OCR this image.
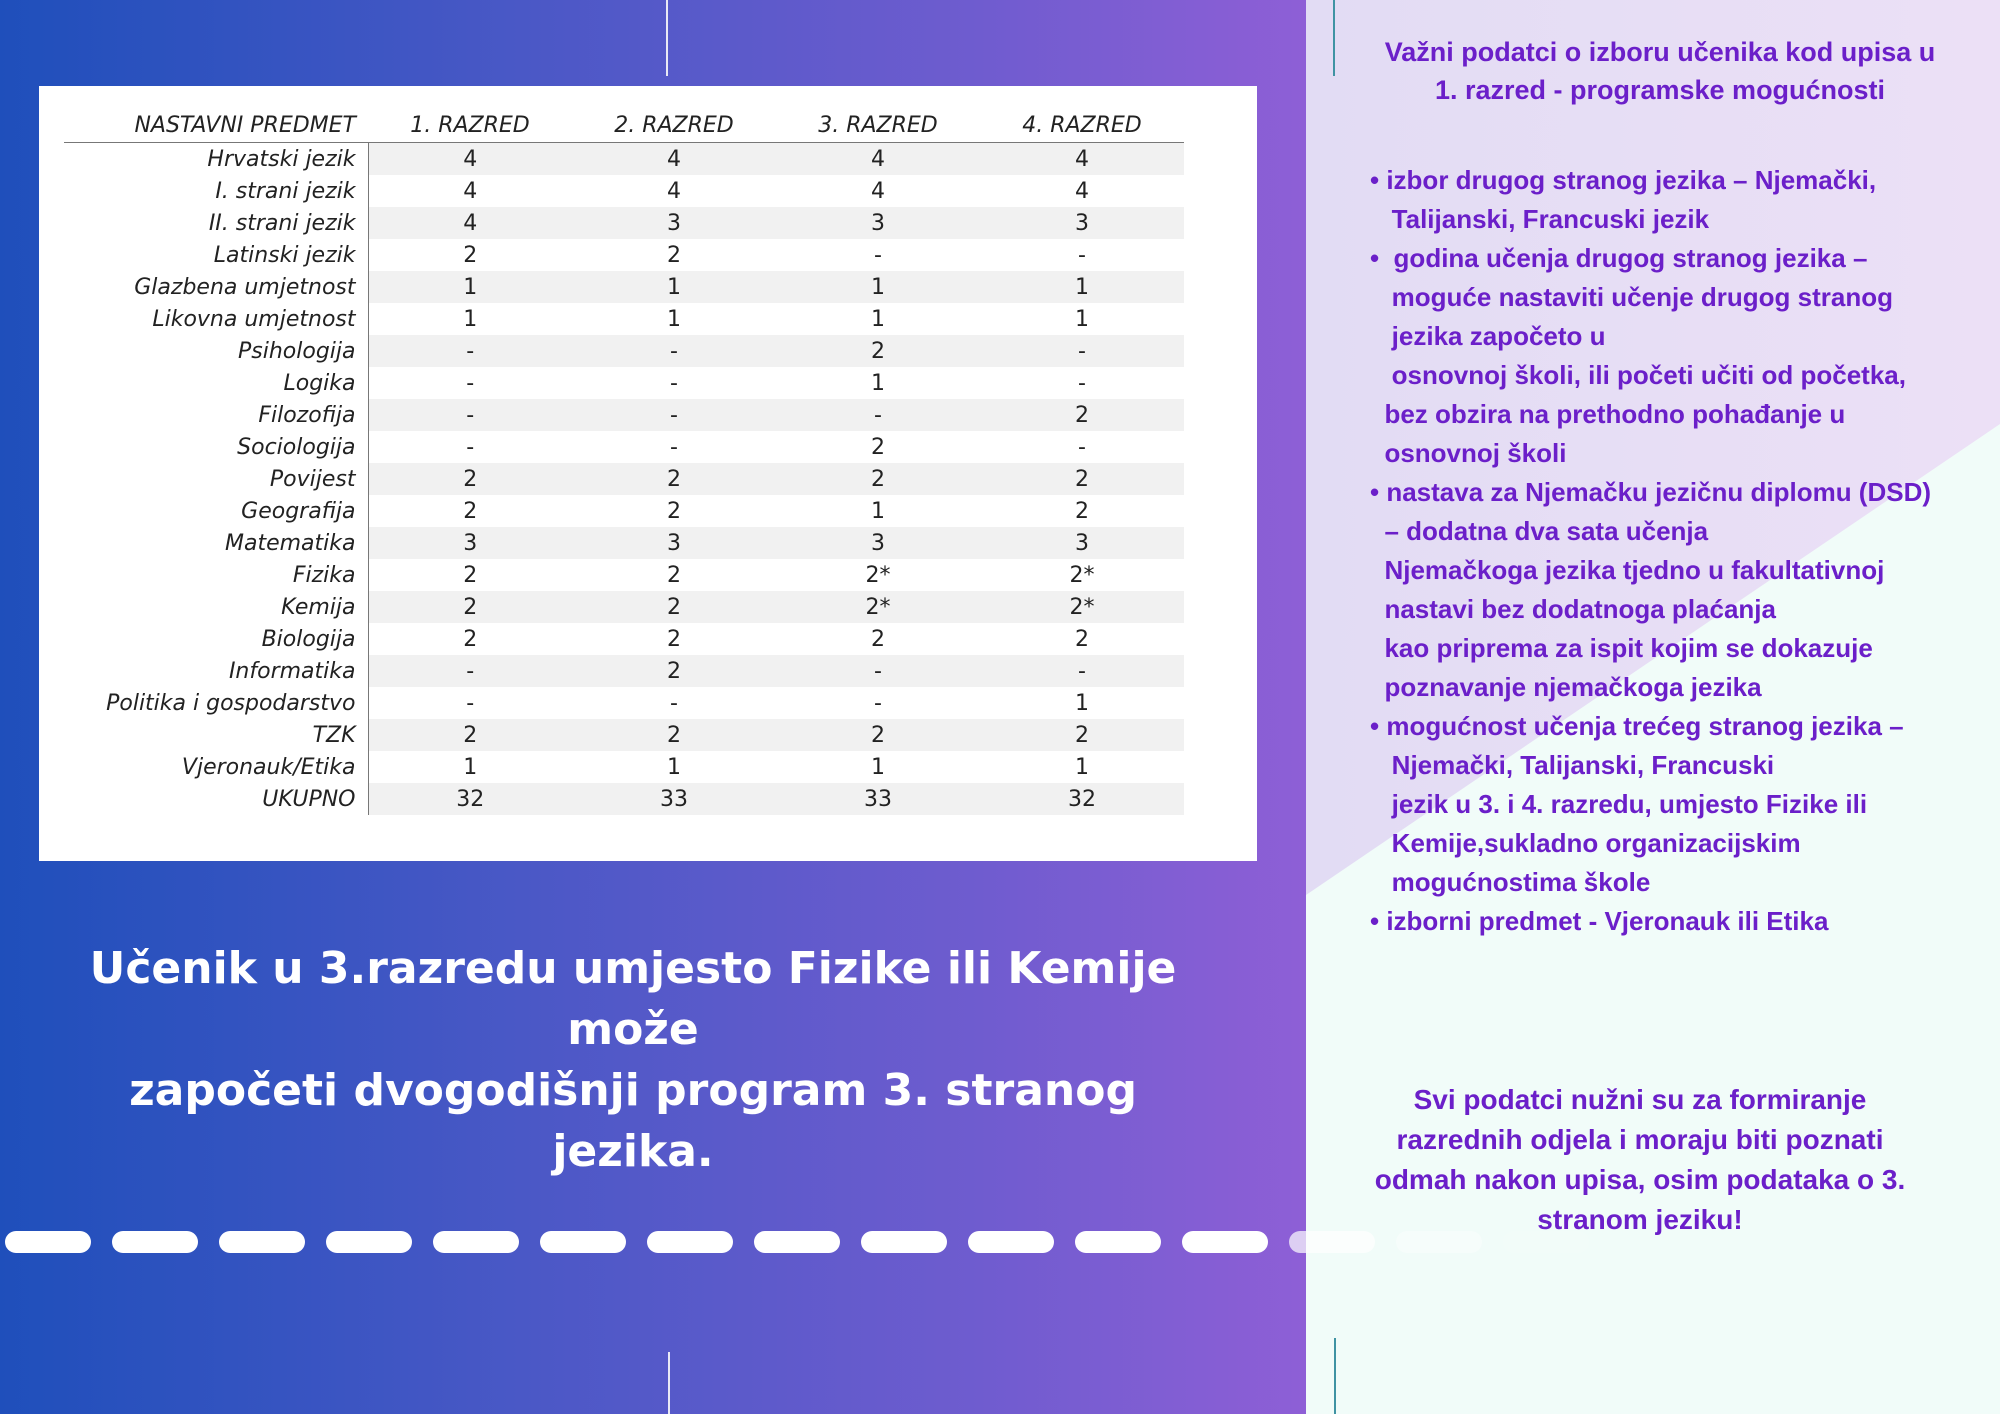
NASTAVNI PREDMET	1. RAZRED	2. RAZRED	3. RAZRED	4. RAZRED
Hrvatski jezik	4	4	4	4
I. strani jezik	4	4	4	4
II. strani jezik	4	3	3	3
Latinski jezik	2	2	-	-
Glazbena umjetnost	1	1	1	1
Likovna umjetnost	1	1	1	1
Psihologija	-	-	2	-
Logika	-	-	1	-
Filozofija	-	-	-	2
Sociologija	-	-	2	-
Povijest	2	2	2	2
Geografija	2	2	1	2
Matematika	3	3	3	3
Fizika	2	2	2*	2*
Kemija	2	2	2*	2*
Biologija	2	2	2	2
Informatika	-	2	-	-
Politika i gospodarstvo	-	-	-	1
TZK	2	2	2	2
Vjeronauk/Etika	1	1	1	1
UKUPNO	32	33	33	32
Učenik u 3.razredu umjesto Fizike ili Kemije može
započeti dvogodišnji program 3. stranog jezika.
Važni podatci o izboru učenika kod upisa u
1. razred - programske mogućnosti
• izbor drugog stranog jezika – Njemački,
Talijanski, Francuski jezik
•  godina učenja drugog stranog jezika –
moguće nastaviti učenje drugog stranog
jezika započeto u
osnovnoj školi, ili početi učiti od početka,
bez obzira na prethodno pohađanje u
osnovnoj školi
• nastava za Njemačku jezičnu diplomu (DSD)
– dodatna dva sata učenja
Njemačkoga jezika tjedno u fakultativnoj
nastavi bez dodatnoga plaćanja
kao priprema za ispit kojim se dokazuje
poznavanje njemačkoga jezika
• mogućnost učenja trećeg stranog jezika –
Njemački, Talijanski, Francuski
jezik u 3. i 4. razredu, umjesto Fizike ili
Kemije,sukladno organizacijskim
mogućnostima škole
• izborni predmet - Vjeronauk ili Etika
Svi podatci nužni su za formiranje
razrednih odjela i moraju biti poznati
odmah nakon upisa, osim podataka o 3.
stranom jeziku!
